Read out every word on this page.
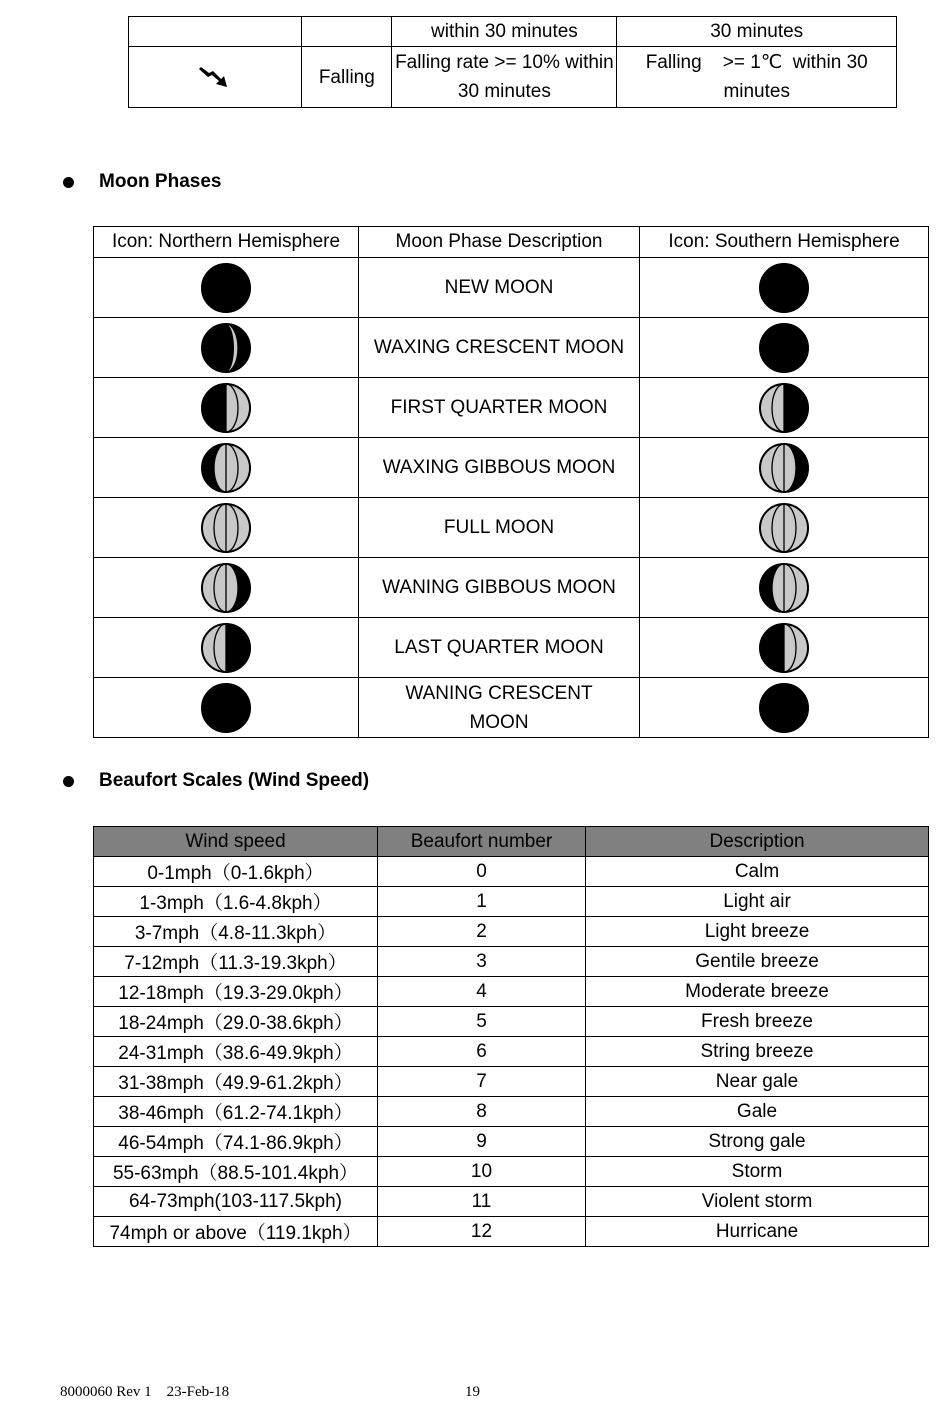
		within 30 minutes	30 minutes

	Falling	Falling rate >= 10% within 30 minutes	Falling    >= 1℃  within 30 minutes
Moon Phases
Icon: Northern Hemisphere	Moon Phase Description	Icon: Southern Hemisphere

	NEW MOON	

	WAXING CRESCENT MOON	

	FIRST QUARTER MOON	

	WAXING GIBBOUS MOON	

	FULL MOON	

	WANING GIBBOUS MOON	

	LAST QUARTER MOON	

	WANING CRESCENT MOON	
Beaufort Scales (Wind Speed)
Wind speed	Beaufort number	Description
0-1mph（0-1.6kph）	0	Calm
1-3mph（1.6-4.8kph）	1	Light air
3-7mph（4.8-11.3kph）	2	Light breeze
7-12mph（11.3-19.3kph）	3	Gentile breeze
12-18mph（19.3-29.0kph）	4	Moderate breeze
18-24mph（29.0-38.6kph）	5	Fresh breeze
24-31mph（38.6-49.9kph）	6	String breeze
31-38mph（49.9-61.2kph）	7	Near gale
38-46mph（61.2-74.1kph）	8	Gale
46-54mph（74.1-86.9kph）	9	Strong gale
55-63mph（88.5-101.4kph）	10	Storm
64-73mph(103-117.5kph)	11	Violent storm
74mph or above（119.1kph）	12	Hurricane
8000060 Rev 1    23-Feb-18	19
